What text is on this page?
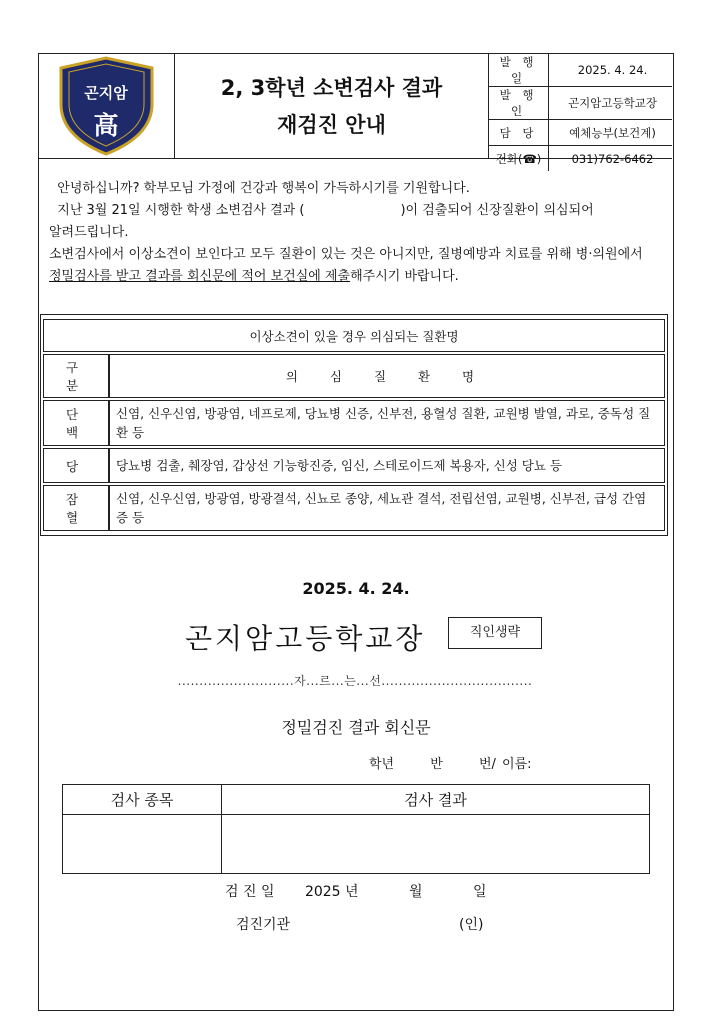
곤지암
高
2, 3학년 소변검사 결과
재검진 안내
발 행 일	2025. 4. 24.
발 행 인	곤지암고등학교장
담 당	예체능부(보건계)
전화(☎)	031)762-6462

안녕하십니까? 학부모님 가정에 건강과 행복이 가득하시기를 기원합니다.

지난 3월 21일 시행한 학생 소변검사 결과 (	)이 검출되어 신장질환이 의심되어

알려드립니다.

소변검사에서 이상소견이 보인다고 모두 질환이 있는 것은 아니지만, 질병예방과 치료를 위해 병·의원에서

정밀검사를 받고 결과를 회신문에 적어 보건실에 제출해주시기 바랍니다.

이상소견이 있을 경우 의심되는 질환명	
구 분	의 심 질 환 명
단 백	신염, 신우신염, 방광염, 네프로제, 당뇨병 신증, 신부전, 용혈성 질환, 교원병 발열, 과로, 중독성 질환 등
당	당뇨병 검출, 췌장염, 갑상선 기능항진증, 임신, 스테로이드제 복용자, 신성 당뇨 등
잠 혈	신염, 신우신염, 방광염, 방광결석, 신뇨로 종양, 세뇨관 결석, 전립선염, 교원병, 신부전, 급성 간염증 등
2025. 4. 24.
곤지암고등학교장	직인생략
...........................자...르...는...선...................................
정밀검진 결과 회신문
학년	반	번/ 이름:
검사 종목	검사 결과

검 진 일 2025 년	월	일
검진기관	(인)
